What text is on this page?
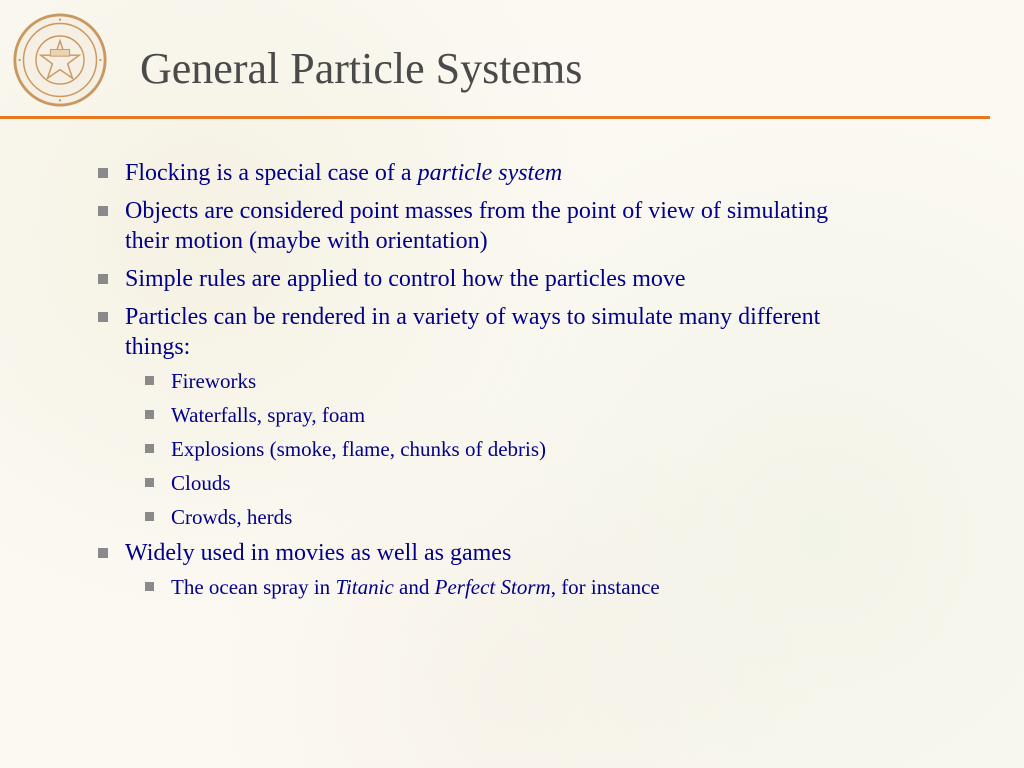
General Particle Systems
Flocking is a special case of a particle system
Objects are considered point masses from the point of view of simulating their motion (maybe with orientation)
Simple rules are applied to control how the particles move
Particles can be rendered in a variety of ways to simulate many different things:
Fireworks
Waterfalls, spray, foam
Explosions (smoke, flame, chunks of debris)
Clouds
Crowds, herds
Widely used in movies as well as games
The ocean spray in Titanic and Perfect Storm, for instance
